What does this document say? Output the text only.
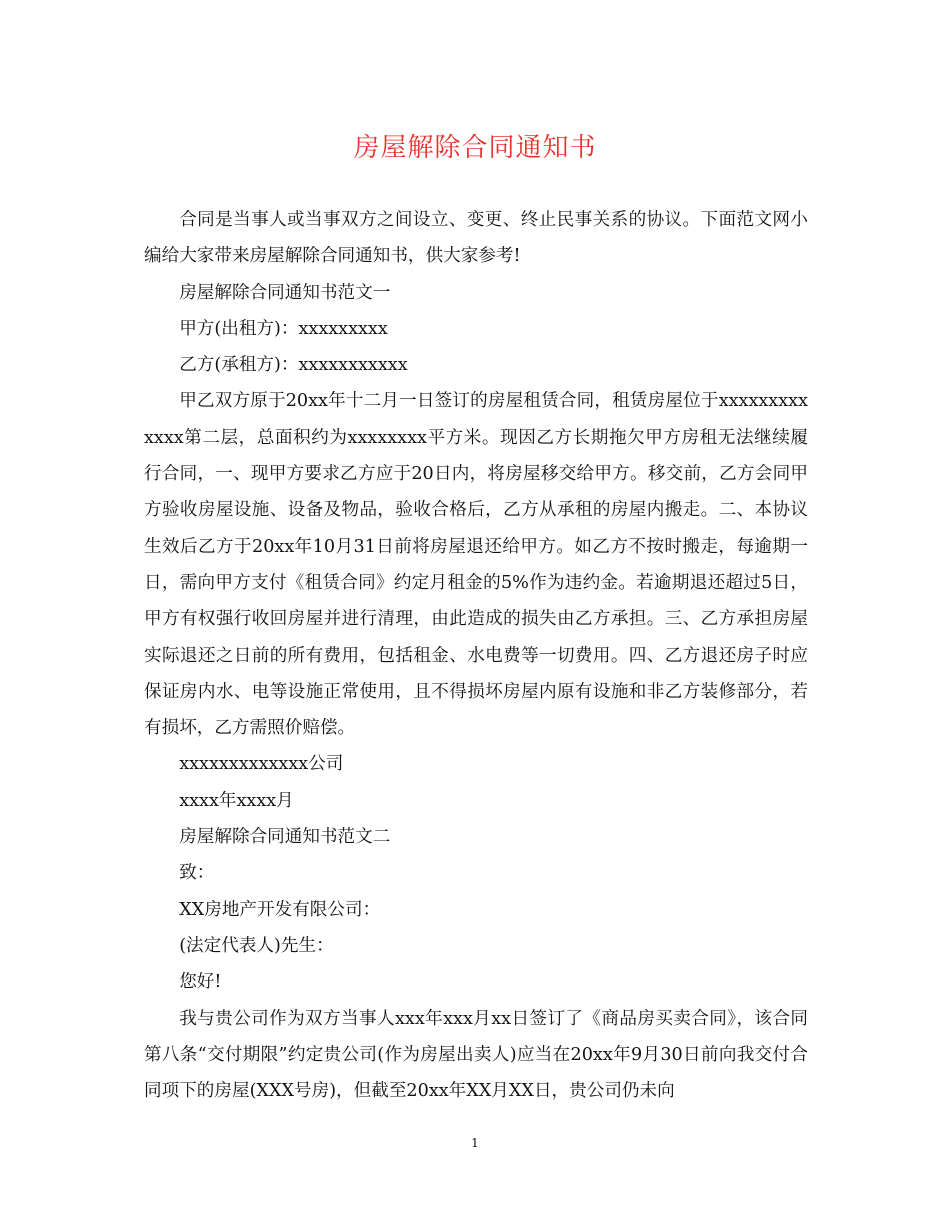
房屋解除合同通知书

合同是当事人或当事双方之间设立、变更、终止民事关系的协议。下面范文网小编给大家带来房屋解除合同通知书，供大家参考!

房屋解除合同通知书范文一

甲方(出租方)：xxxxxxxxx

乙方(承租方)：xxxxxxxxxxx

甲乙双方原于20xx年十二月一日签订的房屋租赁合同，租赁房屋位于xxxxxxxxxxxxx第二层，总面积约为xxxxxxxx平方米。现因乙方长期拖欠甲方房租无法继续履行合同，一、现甲方要求乙方应于20日内，将房屋移交给甲方。移交前，乙方会同甲方验收房屋设施、设备及物品，验收合格后，乙方从承租的房屋内搬走。二、本协议生效后乙方于20xx年10月31日前将房屋退还给甲方。如乙方不按时搬走，每逾期一日，需向甲方支付《租赁合同》约定月租金的5%作为违约金。若逾期退还超过5日，甲方有权强行收回房屋并进行清理，由此造成的损失由乙方承担。三、乙方承担房屋实际退还之日前的所有费用，包括租金、水电费等一切费用。四、乙方退还房子时应保证房内水、电等设施正常使用，且不得损坏房屋内原有设施和非乙方装修部分，若有损坏，乙方需照价赔偿。

xxxxxxxxxxxxx公司

xxxx年xxxx月

房屋解除合同通知书范文二

致：

XX房地产开发有限公司：

(法定代表人)先生：

您好!

我与贵公司作为双方当事人xxx年xxx月xx日签订了《商品房买卖合同》，该合同第八条“交付期限”约定贵公司(作为房屋出卖人)应当在20xx年9月30日前向我交付合同项下的房屋(XXX号房)，但截至20xx年XX月XX日，贵公司仍未向

1
